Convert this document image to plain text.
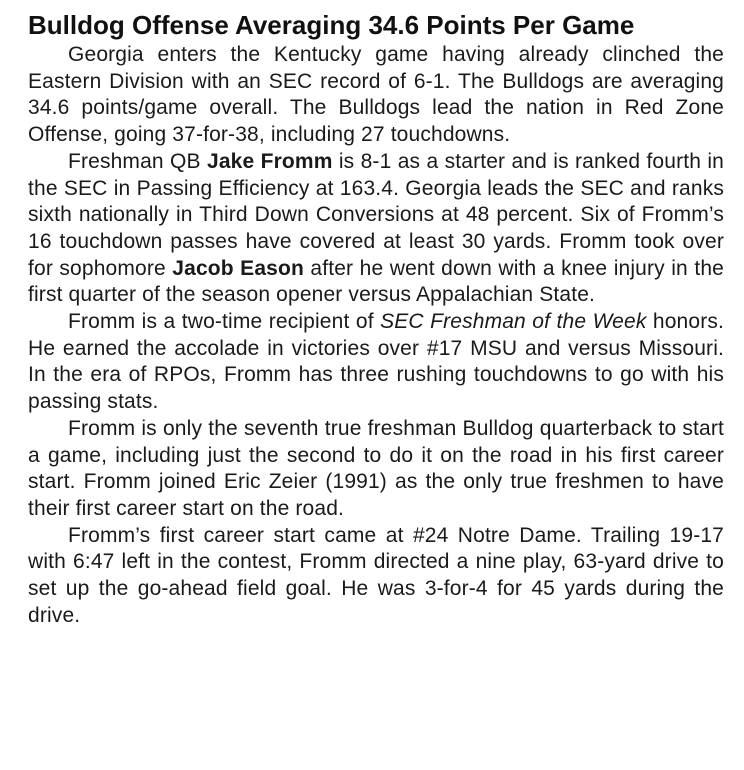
Bulldog Offense Averaging 34.6 Points Per Game

Georgia enters the Kentucky game having already clinched the Eastern Division with an SEC record of 6-1. The Bulldogs are averaging 34.6 points/game overall. The Bulldogs lead the nation in Red Zone Offense, going 37-for-38, including 27 touchdowns.

Freshman QB Jake Fromm is 8-1 as a starter and is ranked fourth in the SEC in Passing Efficiency at 163.4. Georgia leads the SEC and ranks sixth nationally in Third Down Conversions at 48 percent. Six of Fromm’s 16 touchdown passes have covered at least 30 yards. Fromm took over for sophomore Jacob Eason after he went down with a knee injury in the first quarter of the season opener versus Appalachian State.

Fromm is a two-time recipient of SEC Freshman of the Week honors. He earned the accolade in victories over #17 MSU and versus Missouri. In the era of RPOs, Fromm has three rushing touchdowns to go with his passing stats.

Fromm is only the seventh true freshman Bulldog quarterback to start a game, including just the second to do it on the road in his first career start. Fromm joined Eric Zeier (1991) as the only true freshmen to have their first career start on the road.

Fromm’s first career start came at #24 Notre Dame. Trailing 19-17 with 6:47 left in the contest, Fromm directed a nine play, 63-yard drive to set up the go-ahead field goal. He was 3-for-4 for 45 yards during the drive.
